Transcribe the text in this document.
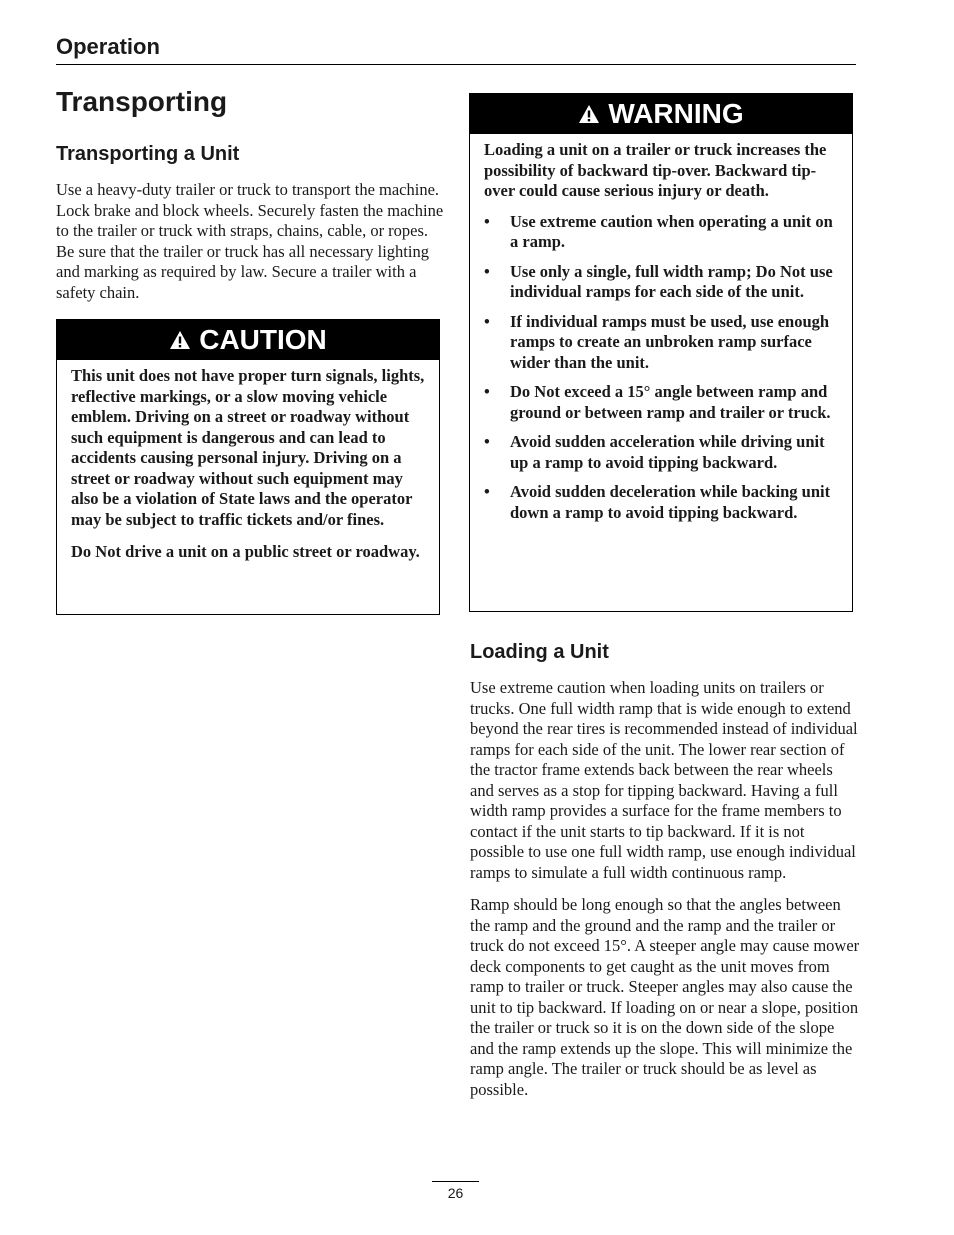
Operation
Transporting
Transporting a Unit

Use a heavy-duty trailer or truck to transport the machine. Lock brake and block wheels. Securely fasten the machine to the trailer or truck with straps, chains, cable, or ropes. Be sure that the trailer or truck has all necessary lighting and marking as required by law. Secure a trailer with a safety chain.

CAUTION

This unit does not have proper turn signals, lights, reflective markings, or a slow moving vehicle emblem. Driving on a street or roadway without such equipment is dangerous and can lead to accidents causing personal injury. Driving on a street or roadway without such equipment may also be a violation of State laws and the operator may be subject to traffic tickets and/or fines.

Do Not drive a unit on a public street or roadway.

WARNING

Loading a unit on a trailer or truck increases the possibility of backward tip-over. Backward tip-over could cause serious injury or death.

• Use extreme caution when operating a unit on a ramp.
• Use only a single, full width ramp; Do Not use individual ramps for each side of the unit.
• If individual ramps must be used, use enough ramps to create an unbroken ramp surface wider than the unit.
• Do Not exceed a 15° angle between ramp and ground or between ramp and trailer or truck.
• Avoid sudden acceleration while driving unit up a ramp to avoid tipping backward.
• Avoid sudden deceleration while backing unit down a ramp to avoid tipping backward.
Loading a Unit

Use extreme caution when loading units on trailers or trucks. One full width ramp that is wide enough to extend beyond the rear tires is recommended instead of individual ramps for each side of the unit. The lower rear section of the tractor frame extends back between the rear wheels and serves as a stop for tipping backward. Having a full width ramp provides a surface for the frame members to contact if the unit starts to tip backward. If it is not possible to use one full width ramp, use enough individual ramps to simulate a full width continuous ramp.

Ramp should be long enough so that the angles between the ramp and the ground and the ramp and the trailer or truck do not exceed 15°. A steeper angle may cause mower deck components to get caught as the unit moves from ramp to trailer or truck. Steeper angles may also cause the unit to tip backward. If loading on or near a slope, position the trailer or truck so it is on the down side of the slope and the ramp extends up the slope. This will minimize the ramp angle. The trailer or truck should be as level as possible.

26
